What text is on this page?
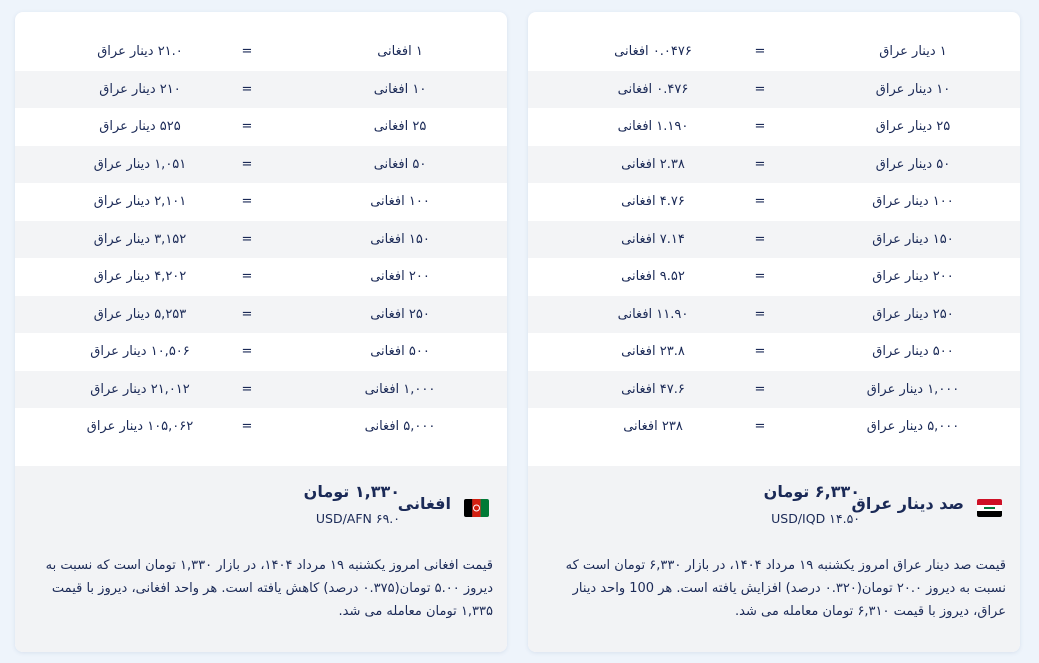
۱ دینار عراق
=
۰.۰۴۷۶ افغانی
۱۰ دینار عراق
=
۰.۴۷۶ افغانی
۲۵ دینار عراق
=
۱.۱۹۰ افغانی
۵۰ دینار عراق
=
۲.۳۸ افغانی
۱۰۰ دینار عراق
=
۴.۷۶ افغانی
۱۵۰ دینار عراق
=
۷.۱۴ افغانی
۲۰۰ دینار عراق
=
۹.۵۲ افغانی
۲۵۰ دینار عراق
=
۱۱.۹۰ افغانی
۵۰۰ دینار عراق
=
۲۳.۸ افغانی
۱,۰۰۰ دینار عراق
=
۴۷.۶ افغانی
۵,۰۰۰ دینار عراق
=
۲۳۸ افغانی
صد دینار عراق
۶,۳۳۰ تومان
USD/IQD ۱۴.۵۰
قیمت صد دینار عراق امروز یکشنبه ۱۹ مرداد ۱۴۰۴، در بازار ۶,۳۳۰ تومان است که نسبت به دیروز ۲۰.۰ تومان(۰.۳۲۰ درصد) افزایش یافته است. هر 100 واحد دینار عراق، دیروز با قیمت ۶,۳۱۰ تومان معامله می شد.
۱ افغانی
=
۲۱.۰ دینار عراق
۱۰ افغانی
=
۲۱۰ دینار عراق
۲۵ افغانی
=
۵۲۵ دینار عراق
۵۰ افغانی
=
۱,۰۵۱ دینار عراق
۱۰۰ افغانی
=
۲,۱۰۱ دینار عراق
۱۵۰ افغانی
=
۳,۱۵۲ دینار عراق
۲۰۰ افغانی
=
۴,۲۰۲ دینار عراق
۲۵۰ افغانی
=
۵,۲۵۳ دینار عراق
۵۰۰ افغانی
=
۱۰,۵۰۶ دینار عراق
۱,۰۰۰ افغانی
=
۲۱,۰۱۲ دینار عراق
۵,۰۰۰ افغانی
=
۱۰۵,۰۶۲ دینار عراق
افغانی
۱,۳۳۰ تومان
USD/AFN ۶۹.۰
قیمت افغانی امروز یکشنبه ۱۹ مرداد ۱۴۰۴، در بازار ۱,۳۳۰ تومان است که نسبت به دیروز ۵.۰۰ تومان(۰.۳۷۵ درصد) کاهش یافته است. هر واحد افغانی، دیروز با قیمت ۱,۳۳۵ تومان معامله می شد.
